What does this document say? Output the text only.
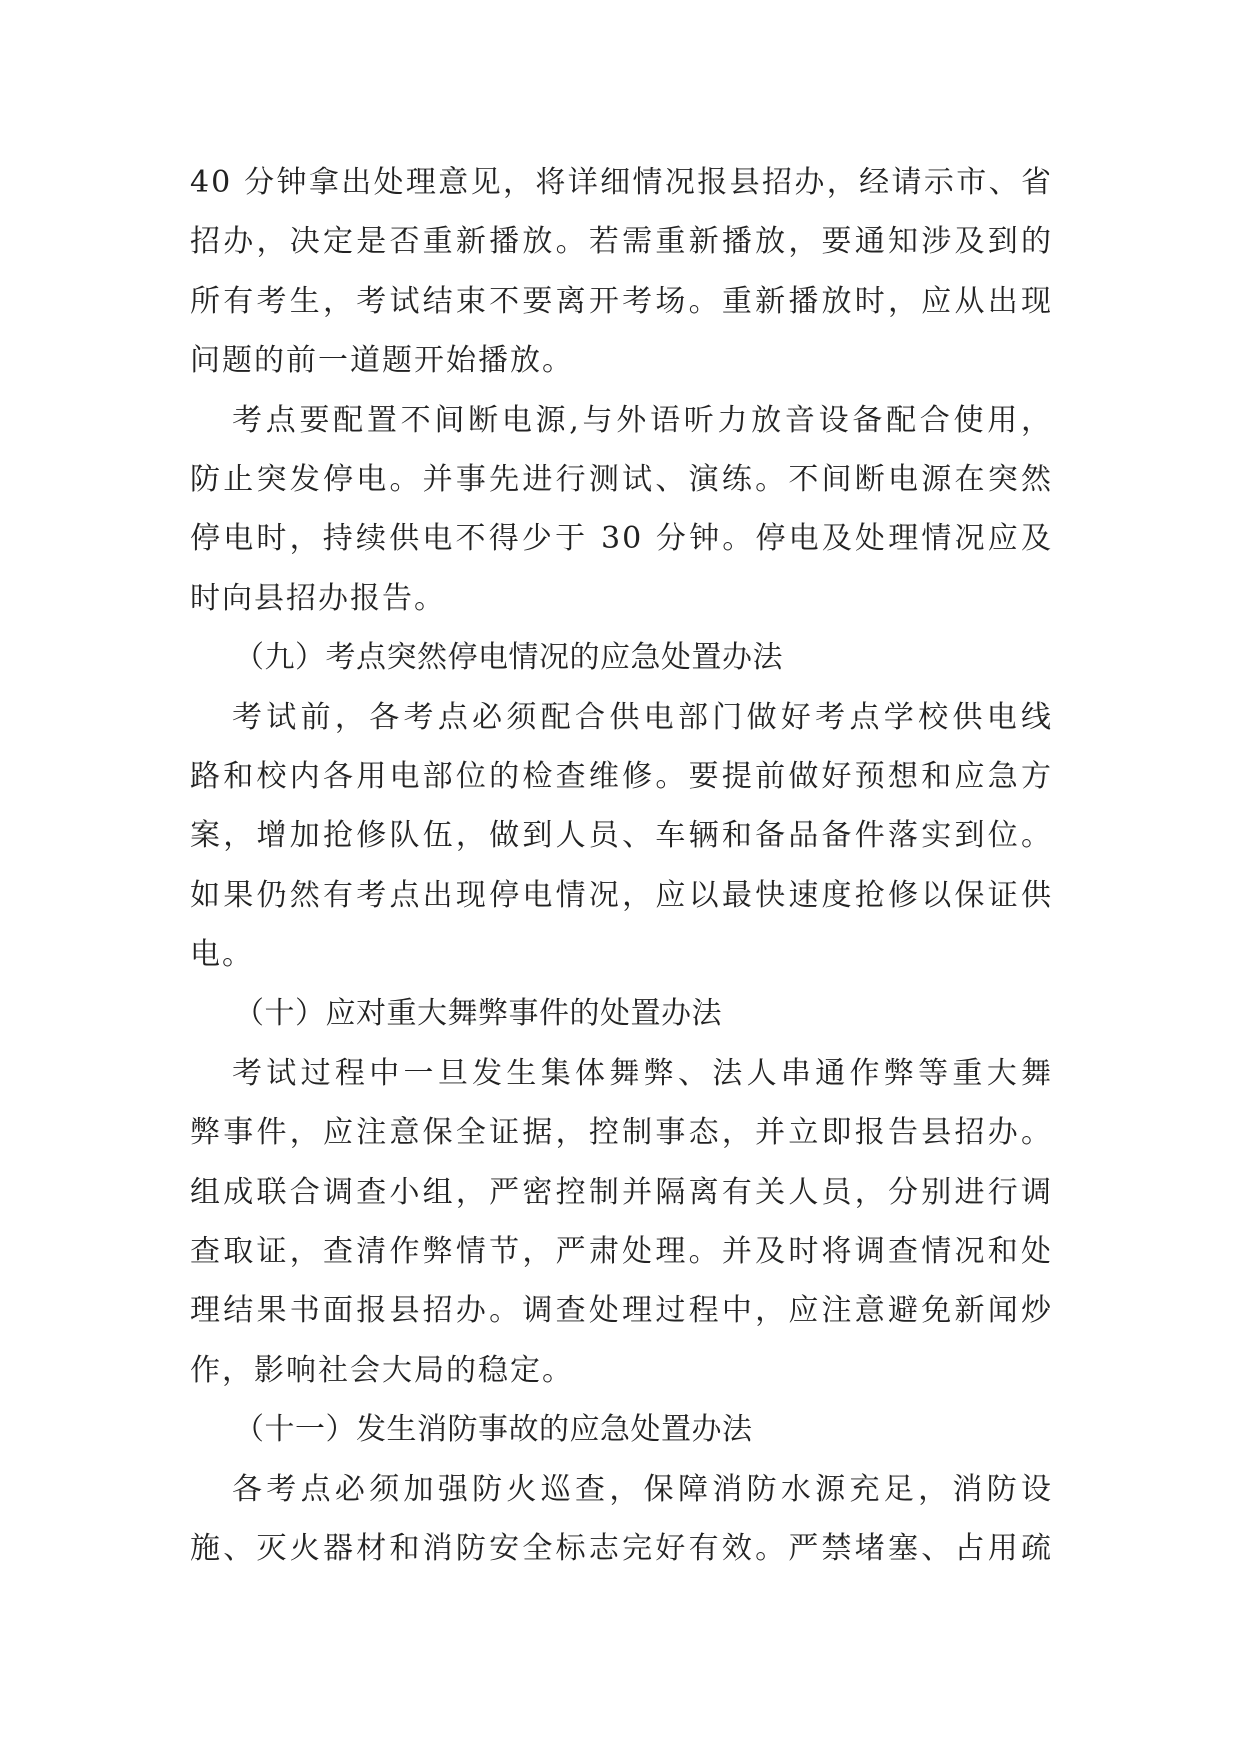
40 分钟拿出处理意见，将详细情况报县招办，经请示市、省
招办，决定是否重新播放。若需重新播放，要通知涉及到的
所有考生，考试结束不要离开考场。重新播放时，应从出现
问题的前一道题开始播放。
考点要配置不间断电源,与外语听力放音设备配合使用，
防止突发停电。并事先进行测试、演练。不间断电源在突然
停电时，持续供电不得少于 30 分钟。停电及处理情况应及
时向县招办报告。
（九）考点突然停电情况的应急处置办法
考试前，各考点必须配合供电部门做好考点学校供电线
路和校内各用电部位的检查维修。要提前做好预想和应急方
案，增加抢修队伍，做到人员、车辆和备品备件落实到位。
如果仍然有考点出现停电情况，应以最快速度抢修以保证供
电。
（十）应对重大舞弊事件的处置办法
考试过程中一旦发生集体舞弊、法人串通作弊等重大舞
弊事件，应注意保全证据，控制事态，并立即报告县招办。
组成联合调查小组，严密控制并隔离有关人员，分别进行调
查取证，查清作弊情节，严肃处理。并及时将调查情况和处
理结果书面报县招办。调查处理过程中，应注意避免新闻炒
作，影响社会大局的稳定。
（十一）发生消防事故的应急处置办法
各考点必须加强防火巡查，保障消防水源充足，消防设
施、灭火器材和消防安全标志完好有效。严禁堵塞、占用疏
